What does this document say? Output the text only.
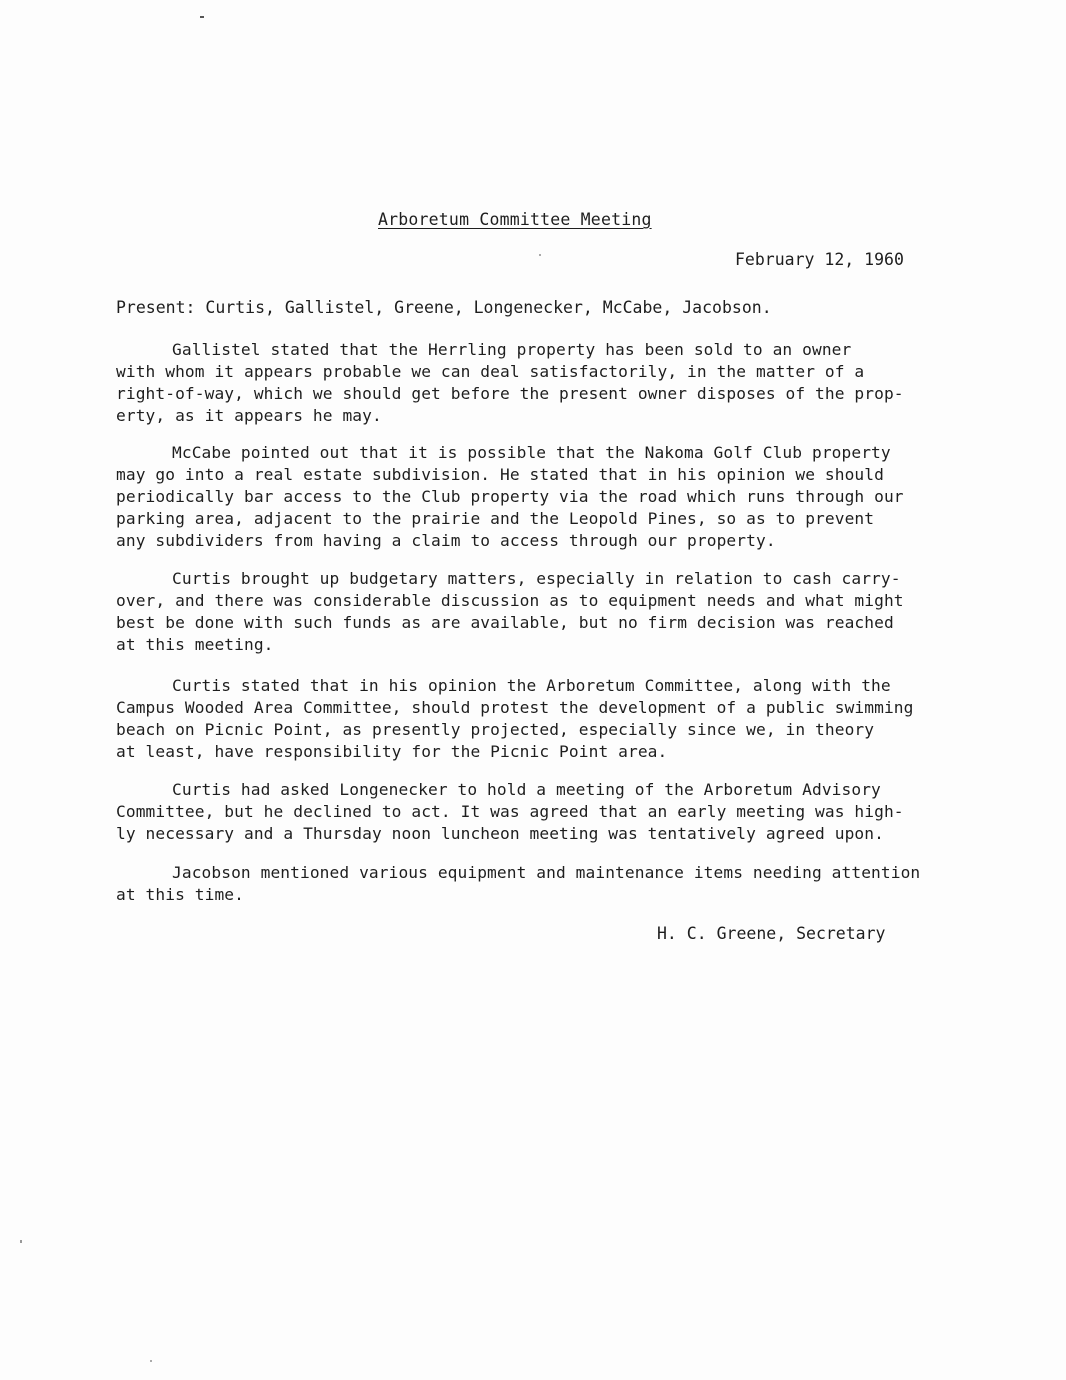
Arboretum Committee Meeting
February 12, 1960
Present: Curtis, Gallistel, Greene, Longenecker, McCabe, Jacobson.

Gallistel stated that the Herrling property has been sold to an owner
with whom it appears probable we can deal satisfactorily, in the matter of a
right-of-way, which we should get before the present owner disposes of the prop-
erty, as it appears he may.

McCabe pointed out that it is possible that the Nakoma Golf Club property
may go into a real estate subdivision. He stated that in his opinion we should
periodically bar access to the Club property via the road which runs through our
parking area, adjacent to the prairie and the Leopold Pines, so as to prevent
any subdividers from having a claim to access through our property.

Curtis brought up budgetary matters, especially in relation to cash carry-
over, and there was considerable discussion as to equipment needs and what might
best be done with such funds as are available, but no firm decision was reached
at this meeting.

Curtis stated that in his opinion the Arboretum Committee, along with the
Campus Wooded Area Committee, should protest the development of a public swimming
beach on Picnic Point, as presently projected, especially since we, in theory
at least, have responsibility for the Picnic Point area.

Curtis had asked Longenecker to hold a meeting of the Arboretum Advisory
Committee, but he declined to act. It was agreed that an early meeting was high-
ly necessary and a Thursday noon luncheon meeting was tentatively agreed upon.

Jacobson mentioned various equipment and maintenance items needing attention
at this time.

H. C. Greene, Secretary
